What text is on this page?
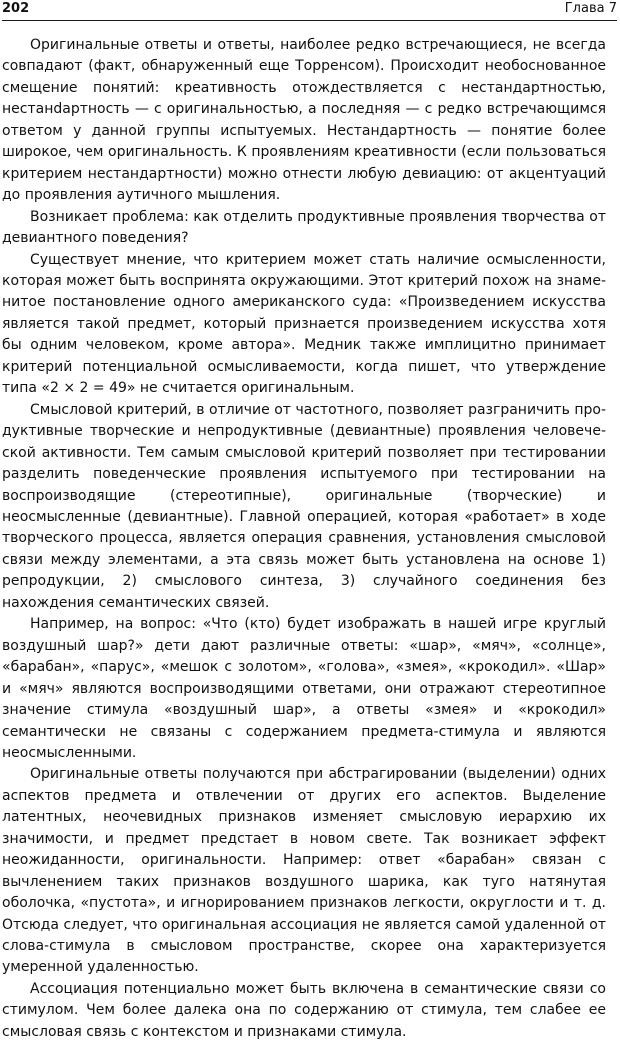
202	Глава 7

Оригинальные ответы и ответы, наиболее редко встречающиеся, не всегда совпадают (факт, обнаруженный еще Торренсом). Происходит необоснованное смещение понятий: креативность отождествляется с нестандартностью, нестанdартность — с оригинальностью, а последняя — с редко встречающимся ответом у данной группы испытуемых. Нестандартность — понятие более широкое, чем оригинальность. К проявлениям креативности (если пользоваться критерием нестандартности) можно отнести любую девиацию: от акцентуаций до проявления аутичного мышления.

Возникает проблема: как отделить продуктивные проявления творчества от девиантного поведения?

Существует мнение, что критерием может стать наличие осмысленности, которая может быть воспринята окружающими. Этот критерий похож на знаменитое постановление одного американского суда: «Произведением искусства является такой предмет, который признается произведением искусства хотя бы одним человеком, кроме автора». Медник также имплицитно принимает критерий потенциальной осмысливаемости, когда пишет, что утверждение типа «2 × 2 = 49» не считается оригинальным.

Смысловой критерий, в отличие от частотного, позволяет разграничить продуктивные творческие и непродуктивные (девиантные) проявления человеческой активности. Тем самым смысловой критерий позволяет при тестировании разделить поведенческие проявления испытуемого при тестировании на воспроизводящие (стереотипные), оригинальные (творческие) и неосмысленные (девиантные). Главной операцией, которая «работает» в ходе творческого процесса, является операция сравнения, установления смысловой связи между элементами, а эта связь может быть установлена на основе 1) репродукции, 2) смыслового синтеза, 3) случайного соединения без нахождения семантических связей.

Например, на вопрос: «Что (кто) будет изображать в нашей игре круглый воздушный шар?» дети дают различные ответы: «шар», «мяч», «солнце», «барабан», «парус», «мешок с золотом», «голова», «змея», «крокодил». «Шар» и «мяч» являются воспроизводящими ответами, они отражают стереотипное значение стимула «воздушный шар», а ответы «змея» и «крокодил» семантически не связаны с содержанием предмета-стимула и являются неосмысленными.

Оригинальные ответы получаются при абстрагировании (выделении) одних аспектов предмета и отвлечении от других его аспектов. Выделение латентных, неочевидных признаков изменяет смысловую иерархию их значимости, и предмет предстает в новом свете. Так возникает эффект неожиданности, оригинальности. Например: ответ «барабан» связан с вычленением таких признаков воздушного шарика, как туго натянутая оболочка, «пустота», и игнорированием признаков легкости, округлости и т. д. Отсюда следует, что оригинальная ассоциация не является самой удаленной от слова-стимула в смысловом пространстве, скорее она характеризуется умеренной удаленностью.

Ассоциация потенциально может быть включена в семантические связи со стимулом. Чем более далека она по содержанию от стимула, тем слабее ее смысловая связь с контекстом и признаками стимула.
